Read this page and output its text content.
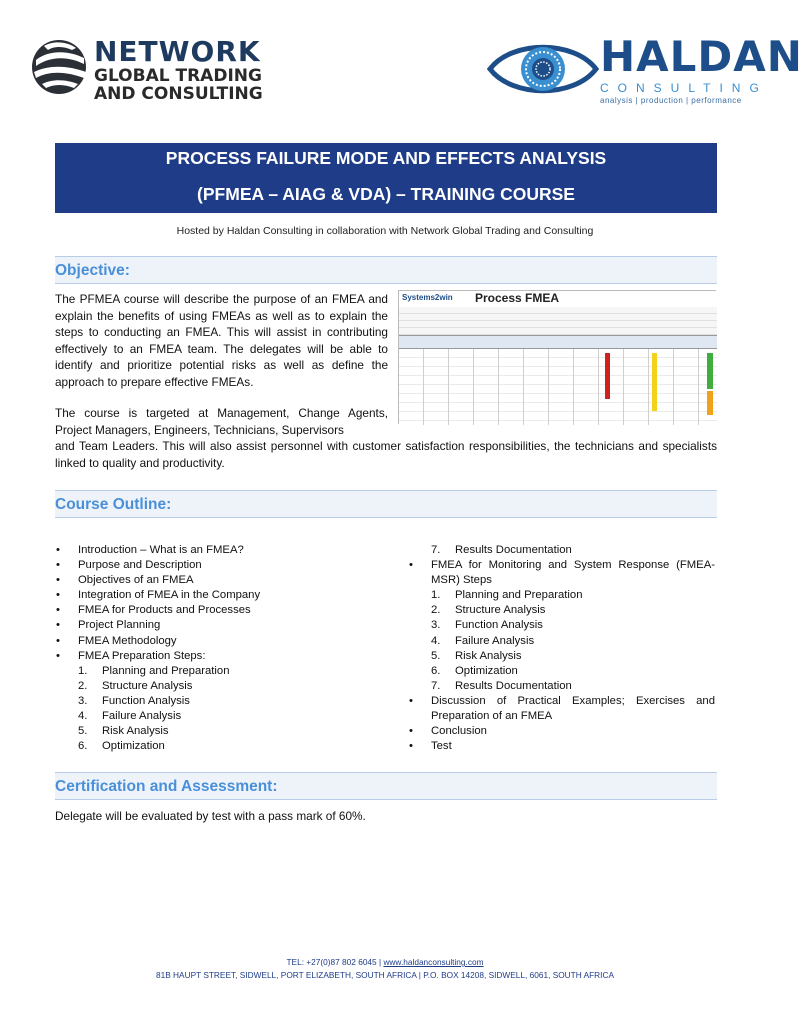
NETWORK
GLOBAL TRADING
AND CONSULTING
HALDAN
CONSULTING
analysis | production | performance
PROCESS FAILURE MODE AND EFFECTS ANALYSIS
(PFMEA – AIAG & VDA) – TRAINING COURSE
Hosted by Haldan Consulting in collaboration with Network Global Trading and Consulting
Objective:

The PFMEA course will describe the purpose of an FMEA and explain the benefits of using FMEAs as well as to explain the steps to conducting an FMEA. This will assist in contributing effectively to an FMEA team. The delegates will be able to identify and prioritize potential risks as well as define the approach to prepare effective FMEAs.

Systems2win Process FMEA

The course is targeted at Management, Change Agents, Project Managers, Engineers, Technicians, Supervisors

and Team Leaders. This will also assist personnel with customer satisfaction responsibilities, the technicians and specialists linked to quality and productivity.

Course Outline:
• Introduction – What is an FMEA?
• Purpose and Description
• Objectives of an FMEA
• Integration of FMEA in the Company
• FMEA for Products and Processes
• Project Planning
• FMEA Methodology
• FMEA Preparation Steps:
1. Planning and Preparation
2. Structure Analysis
3. Function Analysis
4. Failure Analysis
5. Risk Analysis
6. Optimization
7. Results Documentation
• FMEA for Monitoring and System Response (FMEA-MSR) Steps
1. Planning and Preparation
2. Structure Analysis
3. Function Analysis
4. Failure Analysis
5. Risk Analysis
6. Optimization
7. Results Documentation
• Discussion of Practical Examples; Exercises and Preparation of an FMEA
• Conclusion
• Test
Certification and Assessment:

Delegate will be evaluated by test with a pass mark of 60%.

TEL: +27(0)87 802 6045 | www.haldanconsulting.com
81B HAUPT STREET, SIDWELL, PORT ELIZABETH, SOUTH AFRICA | P.O. BOX 14208, SIDWELL, 6061, SOUTH AFRICA
